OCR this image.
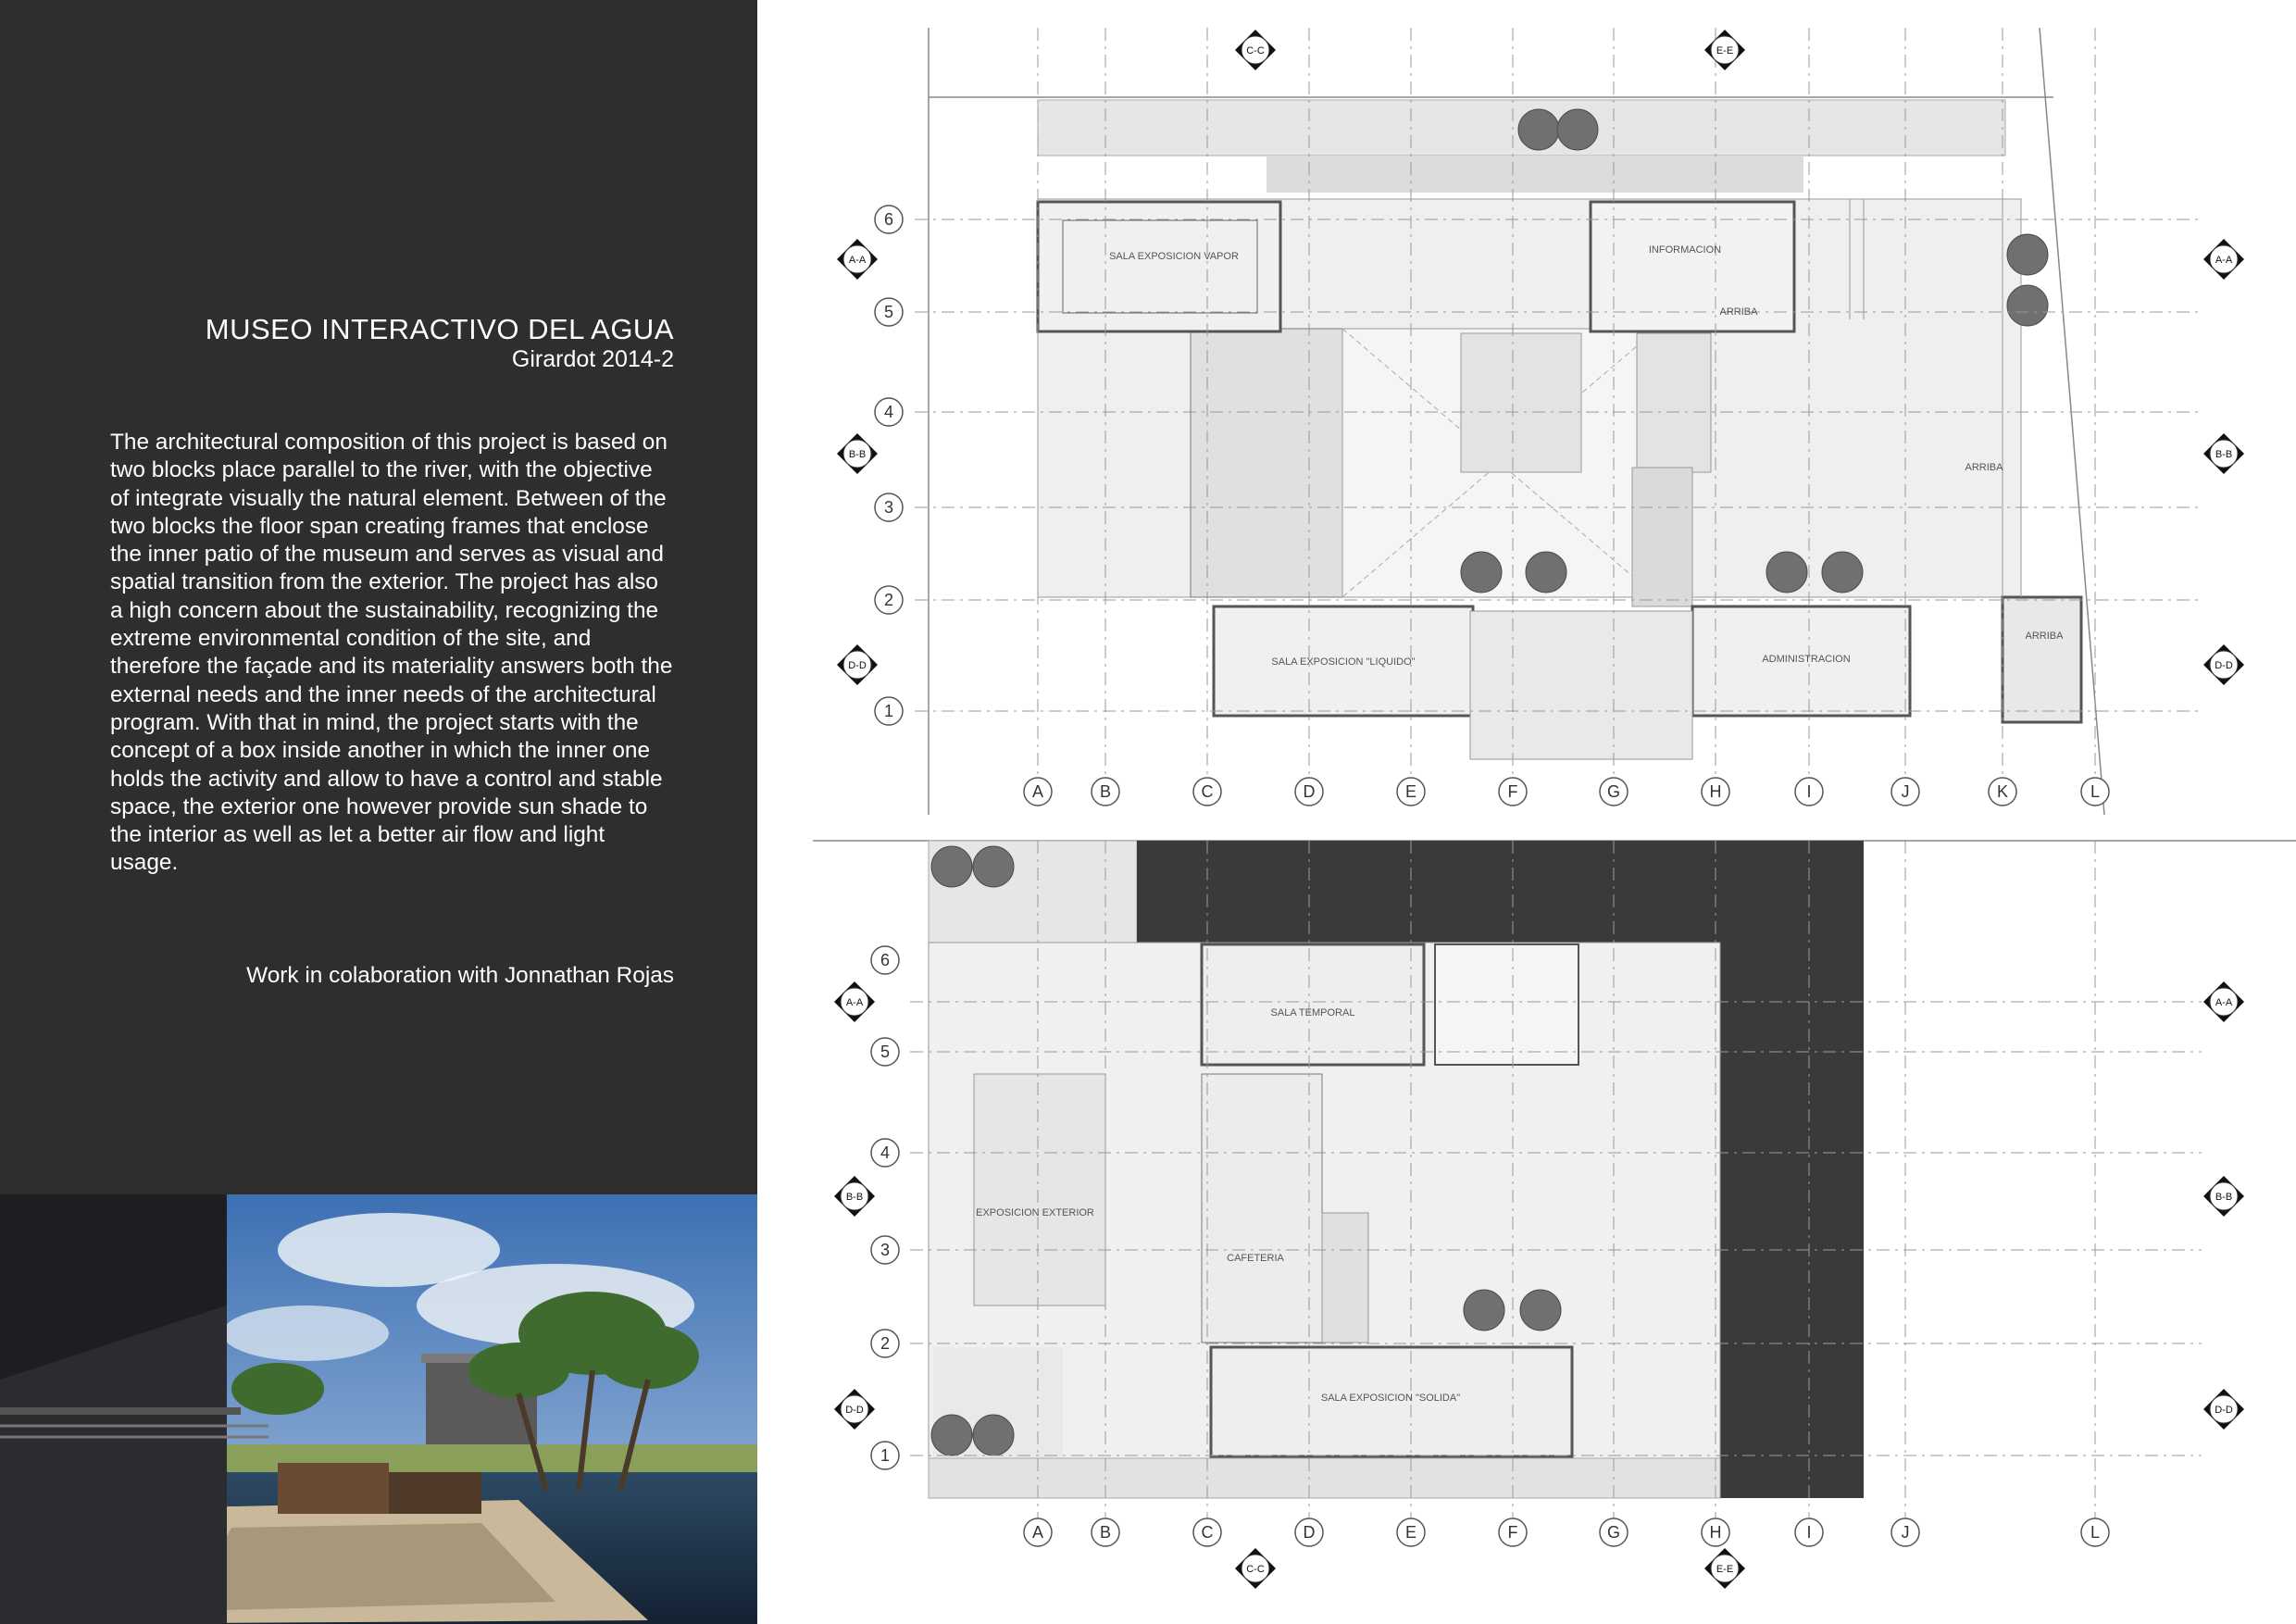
MUSEO INTERACTIVO DEL AGUA
Girardot 2014-2

The architectural composition of this project is based on two blocks place parallel to the river, with the objective of integrate visually the natural element. Between of the two blocks the floor span creating frames that enclose the inner patio of the museum and serves as visual and spatial transition from the exterior. The project has also a high concern about the sustainability, recognizing the extreme environmental condition of the site, and therefore the façade and its materiality answers both the external needs and the inner needs of the architectural program. With that in mind, the project starts with the concept of a box inside another in which the inner one holds the activity and allow to have a control and stable space, the exterior one however provide sun shade to the interior as well as let a better air flow and light usage.

Work in colaboration with Jonnathan Rojas
SALA EXPOSICION VAPOR
INFORMACION
ARRIBA
ARRIBA
ARRIBA
SALA EXPOSICION "LIQUIDO"	ADMINISTRACION
SALA TEMPORAL
EXPOSICION EXTERIOR
CAFETERIA
SALA EXPOSICION "SOLIDA"
A
A
B
B
C
C
D
D
E
E
F
F
G
G
H
H
I
I
J
J
K	L
L
1
1
2
2
3
3
4
4
5
5
6
6
A-A	A-A
B-B	B-B
D-D	D-D
C-C	E-E
A-A	A-A
B-B	B-B
D-D	D-D
C-C	E-E
